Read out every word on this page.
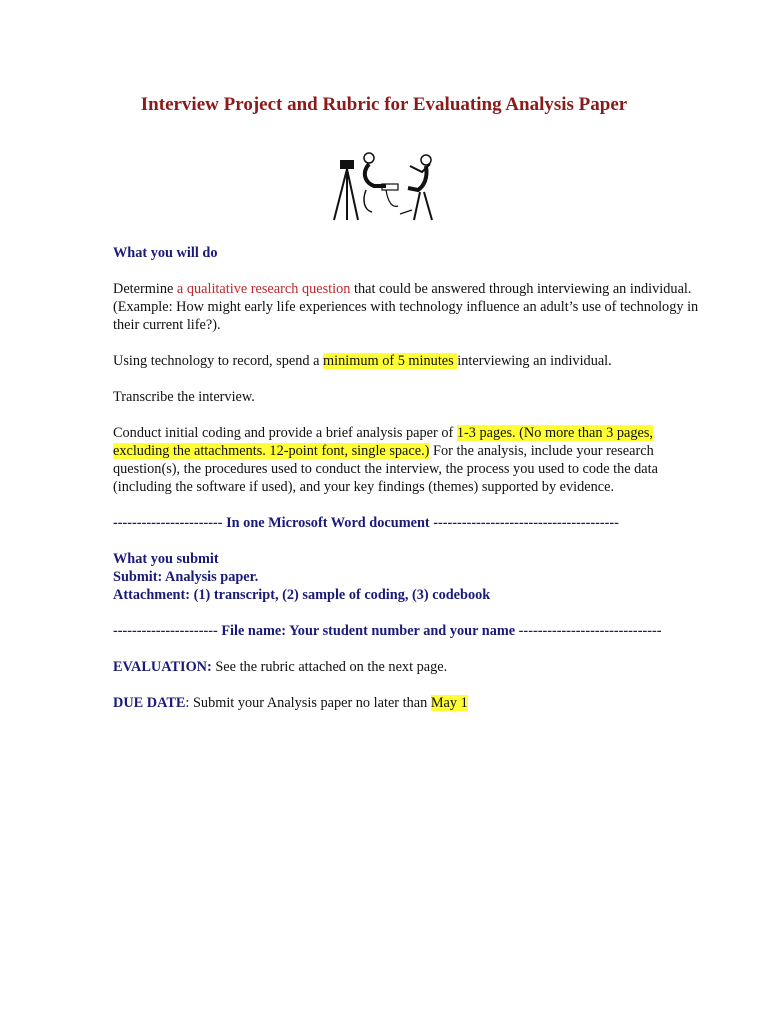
Interview Project and Rubric for Evaluating Analysis Paper

What you will do

Determine a qualitative research question that could be answered through interviewing an individual. (Example: How might early life experiences with technology influence an adult’s use of technology in their current life?).

Using technology to record, spend a minimum of 5 minutes interviewing an individual.

Transcribe the interview.

Conduct initial coding and provide a brief analysis paper of 1-3 pages. (No more than 3 pages, excluding the attachments. 12-point font, single space.) For the analysis, include your research question(s), the procedures used to conduct the interview, the process you used to code the data (including the software if used), and your key findings (themes) supported by evidence.

----------------------- In one Microsoft Word document ---------------------------------------

What you submit

Submit: Analysis paper.

Attachment: (1) transcript, (2) sample of coding, (3) codebook

---------------------- File name: Your student number and your name ------------------------------

EVALUATION: See the rubric attached on the next page.

DUE DATE: Submit your Analysis paper no later than May 1
